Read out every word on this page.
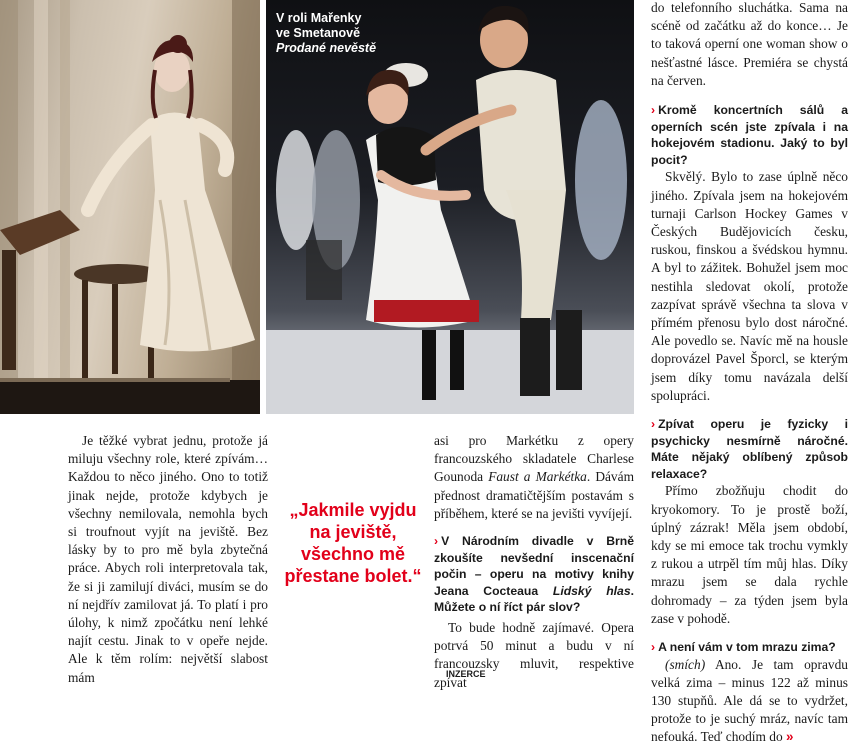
V roli Mařenky
ve Smetanově
Prodané nevěstě

Je těžké vybrat jednu, protože já miluju všechny role, které zpívám… Každou to něco jiného. Ono to totiž jinak nejde, protože kdybych je všechny nemilovala, nemohla bych si troufnout vyjít na jeviště. Bez lásky by to pro mě byla zbytečná práce. Abych roli interpretovala tak, že si ji zamilují diváci, musím se do ní nejdřív zamilovat já. To platí i pro úlohy, k nimž zpočátku není lehké najít cestu. Jinak to v opeře nejde. Ale k těm rolím: největší slabost mám

„Jakmile vyjdu na jeviště, všechno mě přestane bolet.“

asi pro Markétku z opery francouzského skladatele Charlese Gounoda Faust a Markétka. Dávám přednost dramatičtějším postavám s příběhem, které se na jevišti vyvíjejí.

› V Národním divadle v Brně zkoušíte nevšední inscenační počin – operu na motivy knihy Jeana Cocteaua Lidský hlas. Můžete o ní říct pár slov?

To bude hodně zajímavé. Opera potrvá 50 minut a budu v ní francouzsky mluvit, respektive zpívat

INZERCE

do telefonního sluchátka. Sama na scéně od začátku až do konce… Je to taková operní one woman show o nešťastné lásce. Premiéra se chystá na červen.

› Kromě koncertních sálů a operních scén jste zpívala i na hokejovém stadionu. Jaký to byl pocit?

Skvělý. Bylo to zase úplně něco jiného. Zpívala jsem na hokejovém turnaji Carlson Hockey Games v Českých Budějovicích česku, ruskou, finskou a švédskou hymnu. A byl to zážitek. Bohužel jsem moc nestihla sledovat okolí, protože zazpívat správě všechna ta slova v přímém přenosu bylo dost náročné. Ale povedlo se. Navíc mě na housle doprovázel Pavel Šporcl, se kterým jsem díky tomu navázala delší spolupráci.

› Zpívat operu je fyzicky i psychicky nesmírně náročné. Máte nějaký oblíbený způsob relaxace?

Přímo zbožňuju chodit do kryokomory. To je prostě boží, úplný zázrak! Měla jsem období, kdy se mi emoce tak trochu vymkly z rukou a utrpěl tím můj hlas. Díky mrazu jsem se dala rychle dohromady – za týden jsem byla zase v pohodě.

› A není vám v tom mrazu zima?

(smích) Ano. Je tam opravdu velká zima – minus 122 až minus 130 stupňů. Ale dá se to vydržet, protože to je suchý mráz, navíc tam nefouká. Teď chodím do »
